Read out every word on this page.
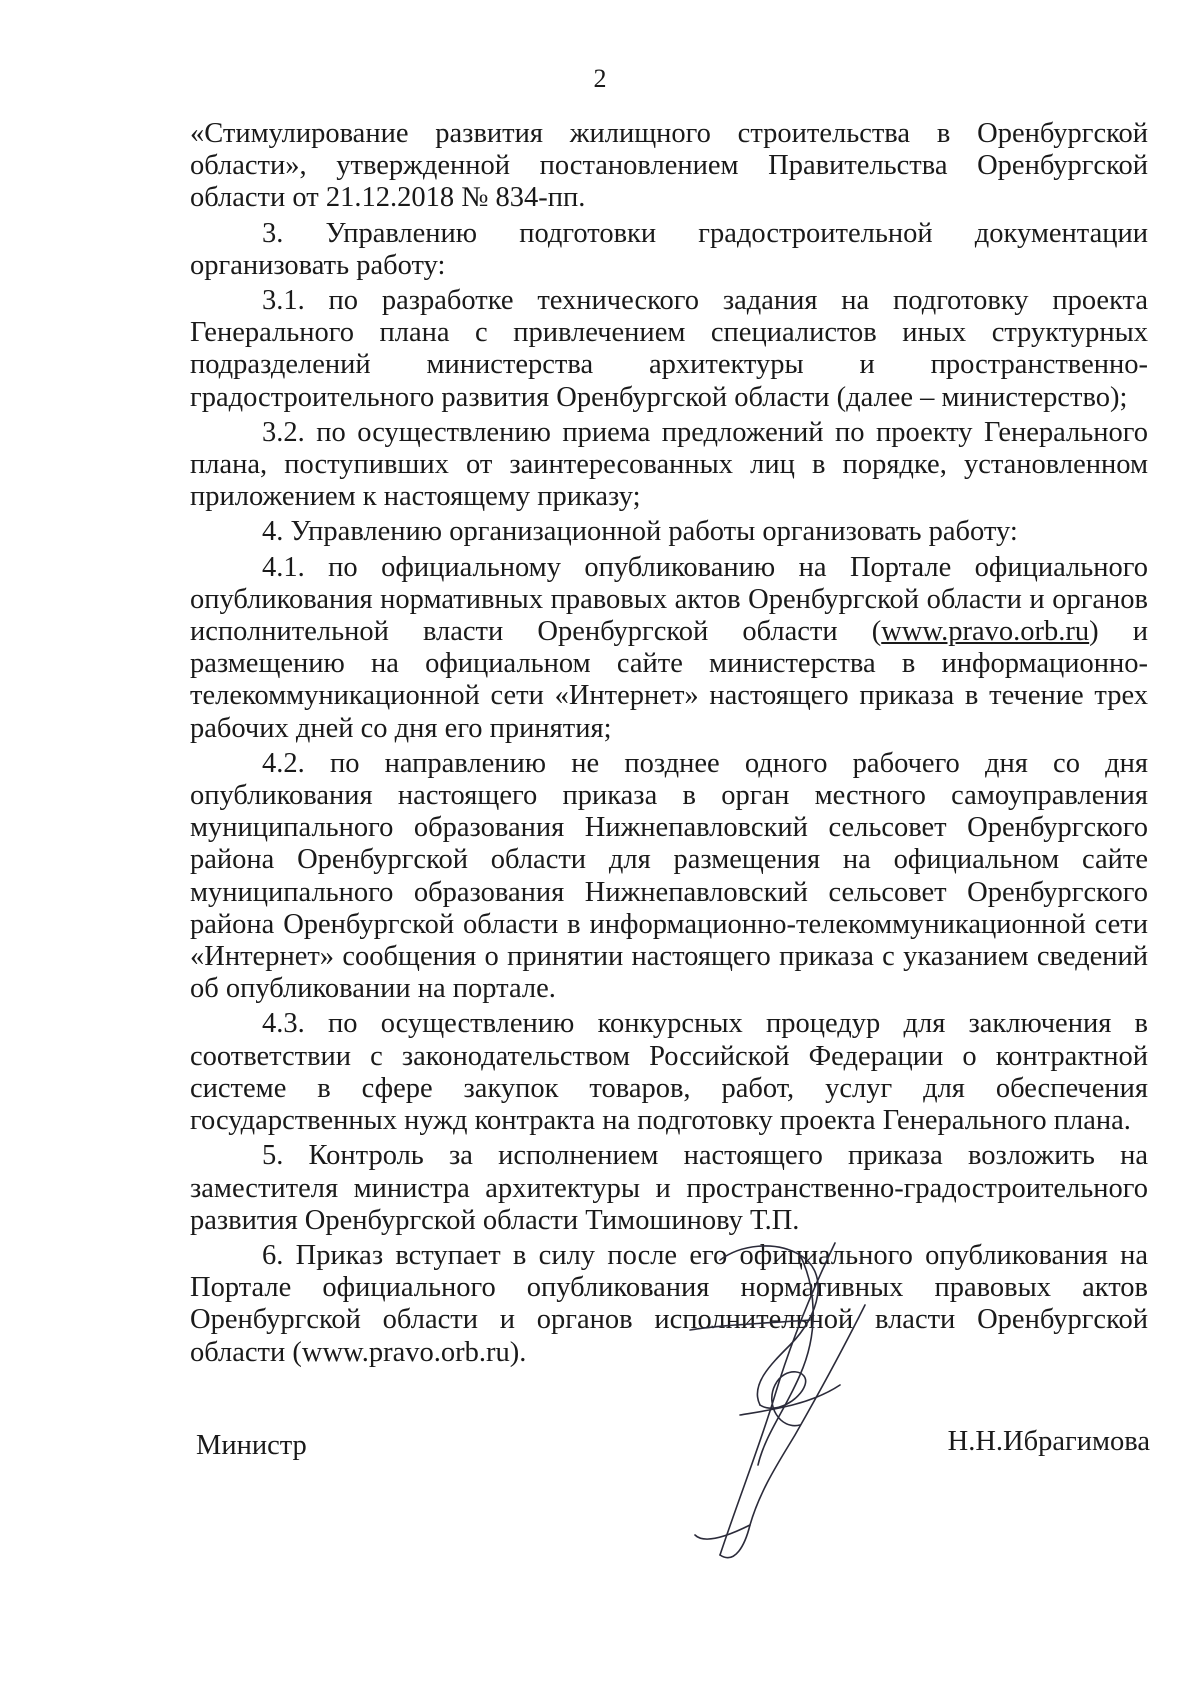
2

«Стимулирование развития жилищного строительства в Оренбургской области», утвержденной постановлением Правительства Оренбургской области от 21.12.2018 № 834-пп.

3. Управлению подготовки градостроительной документации организовать работу:

3.1. по разработке технического задания на подготовку проекта Генерального плана с привлечением специалистов иных структурных подразделений министерства архитектуры и пространственно-градостроительного развития Оренбургской области (далее – министерство);

3.2. по осуществлению приема предложений по проекту Генерального плана, поступивших от заинтересованных лиц в порядке, установленном приложением к настоящему приказу;

4. Управлению организационной работы организовать работу:

4.1. по официальному опубликованию на Портале официального опубликования нормативных правовых актов Оренбургской области и органов исполнительной власти Оренбургской области (www.pravo.orb.ru) и размещению на официальном сайте министерства в информационно-телекоммуникационной сети «Интернет» настоящего приказа в течение трех рабочих дней со дня его принятия;

4.2. по направлению не позднее одного рабочего дня со дня опубликования настоящего приказа в орган местного самоуправления муниципального образования Нижнепавловский сельсовет Оренбургского района Оренбургской области для размещения на официальном сайте муниципального образования Нижнепавловский сельсовет Оренбургского района Оренбургской области в информационно-телекоммуникационной сети «Интернет» сообщения о принятии настоящего приказа с указанием сведений об опубликовании на портале.

4.3. по осуществлению конкурсных процедур для заключения в соответствии с законодательством Российской Федерации о контрактной системе в сфере закупок товаров, работ, услуг для обеспечения государственных нужд контракта на подготовку проекта Генерального плана.

5. Контроль за исполнением настоящего приказа возложить на заместителя министра архитектуры и пространственно-градостроительного развития Оренбургской области Тимошинову Т.П.

6. Приказ вступает в силу после его официального опубликования на Портале официального опубликования нормативных правовых актов Оренбургской области и органов исполнительной власти Оренбургской области (www.pravo.orb.ru).

Министр	Н.Н.Ибрагимова
